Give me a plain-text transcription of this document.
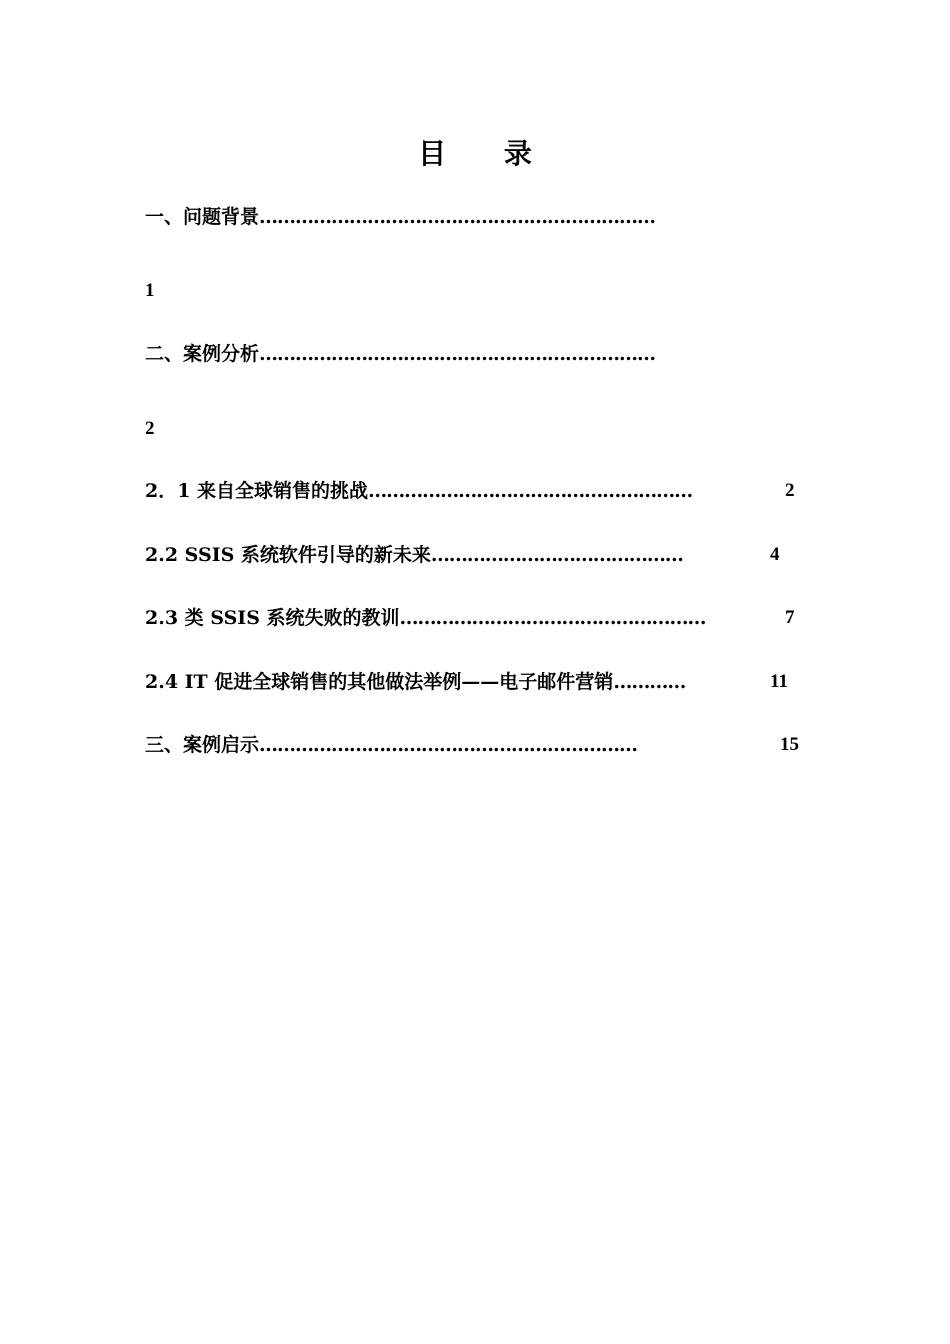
目 录
一、问题背景…………………………………………………………
1
二、案例分析…………………………………………………………
2
2．1 来自全球销售的挑战………………………………………………	2
2.2 SSIS 系统软件引导的新未来……………………………………	4
2.3 类 SSIS 系统失败的教训……………………………………………	7
2.4 IT 促进全球销售的其他做法举例——电子邮件营销…………	11
三、案例启示………………………………………………………	15
